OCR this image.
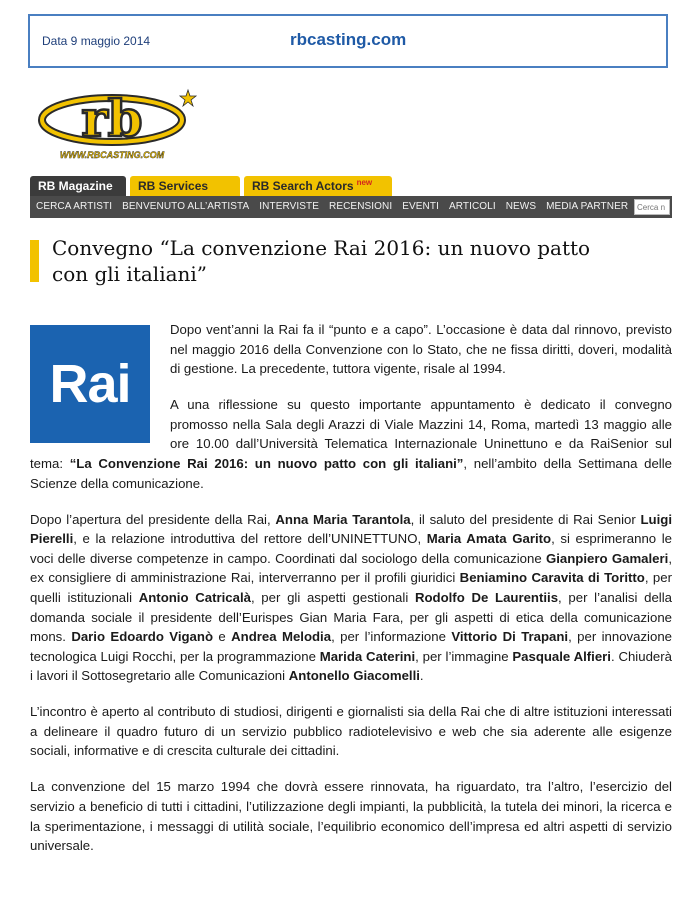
Data 9 maggio 2014	rbcasting.com
rb
WWW.RBCASTING.COM
RB Magazine	RB Services	RB Search Actors $^{new}$
CERCA ARTISTI BENVENUTO ALL’ARTISTA INTERVISTE RECENSIONI EVENTI ARTICOLI NEWS MEDIA PARTNER
Cerca n
Convegno “La convenzione Rai 2016: un nuovo patto con gli italiani”
Rai

Dopo vent’anni la Rai fa il “punto e a capo”. L’occasione è data dal rinnovo, previsto nel maggio 2016 della Convenzione con lo Stato, che ne fissa diritti, doveri, modalità di gestione. La precedente, tuttora vigente, risale al 1994.

A una riflessione su questo importante appuntamento è dedicato il convegno promosso nella Sala degli Arazzi di Viale Mazzini 14, Roma, martedì 13 maggio alle ore 10.00 dall’Università Telematica Internazionale Uninettuno e da RaiSenior sul tema: “La Convenzione Rai 2016: un nuovo patto con gli italiani”, nell’ambito della Settimana delle Scienze della comunicazione.

Dopo l’apertura del presidente della Rai, Anna Maria Tarantola, il saluto del presidente di Rai Senior Luigi Pierelli, e la relazione introduttiva del rettore dell’UNINETTUNO, Maria Amata Garito, si esprimeranno le voci delle diverse competenze in campo. Coordinati dal sociologo della comunicazione Gianpiero Gamaleri, ex consigliere di amministrazione Rai, interverranno per il profili giuridici Beniamino Caravita di Toritto, per quelli istituzionali Antonio Catricalà, per gli aspetti gestionali Rodolfo De Laurentiis, per l’analisi della domanda sociale il presidente dell’Eurispes Gian Maria Fara, per gli aspetti di etica della comunicazione mons. Dario Edoardo Viganò e Andrea Melodia, per l’informazione Vittorio Di Trapani, per innovazione tecnologica Luigi Rocchi, per la programmazione Marida Caterini, per l’immagine Pasquale Alfieri. Chiuderà i lavori il Sottosegretario alle Comunicazioni Antonello Giacomelli.

L’incontro è aperto al contributo di studiosi, dirigenti e giornalisti sia della Rai che di altre istituzioni interessati a delineare il quadro futuro di un servizio pubblico radiotelevisivo e web che sia aderente alle esigenze sociali, informative e di crescita culturale dei cittadini.

La convenzione del 15 marzo 1994 che dovrà essere rinnovata, ha riguardato, tra l’altro, l’esercizio del servizio a beneficio di tutti i cittadini, l’utilizzazione degli impianti, la pubblicità, la tutela dei minori, la ricerca e la sperimentazione, i messaggi di utilità sociale, l’equilibrio economico dell’impresa ed altri aspetti di servizio universale.
